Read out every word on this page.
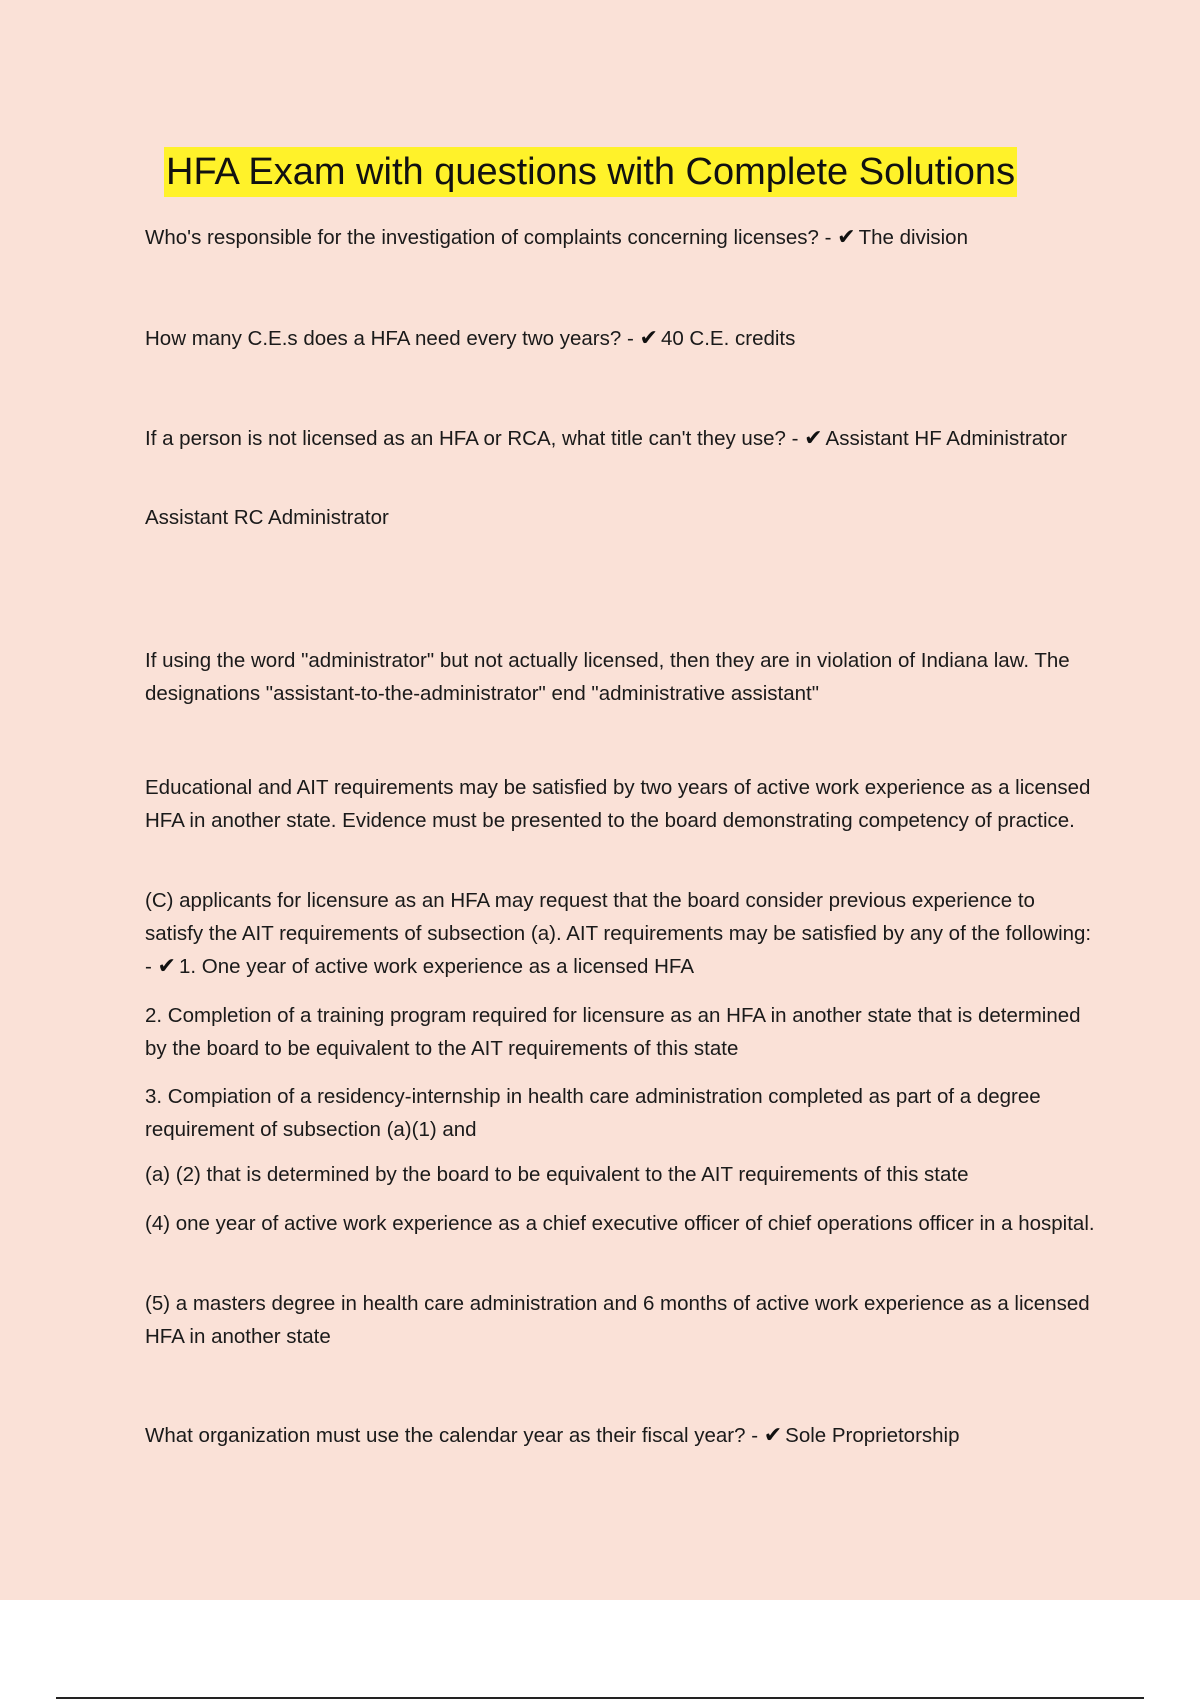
HFA Exam with questions with Complete Solutions

Who's responsible for the investigation of complaints concerning licenses? - ✔ The division

How many C.E.s does a HFA need every two years? - ✔ 40 C.E. credits

If a person is not licensed as an HFA or RCA, what title can't they use? - ✔ Assistant HF Administrator

Assistant RC Administrator

If using the word "administrator" but not actually licensed, then they are in violation of Indiana law. The designations "assistant-to-the-administrator" end "administrative assistant"

Educational and AIT requirements may be satisfied by two years of active work experience as a licensed HFA in another state. Evidence must be presented to the board demonstrating competency of practice.

(C) applicants for licensure as an HFA may request that the board consider previous experience to satisfy the AIT requirements of subsection (a). AIT requirements may be satisfied by any of the following: - ✔ 1. One year of active work experience as a licensed HFA

2. Completion of a training program required for licensure as an HFA in another state that is determined by the board to be equivalent to the AIT requirements of this state

3. Compiation of a residency-internship in health care administration completed as part of a degree requirement of subsection (a)(1) and

(a) (2) that is determined by the board to be equivalent to the AIT requirements of this state

(4) one year of active work experience as a chief executive officer of chief operations officer in a hospital.

(5) a masters degree in health care administration and 6 months of active work experience as a licensed HFA in another state

What organization must use the calendar year as their fiscal year? - ✔ Sole Proprietorship
